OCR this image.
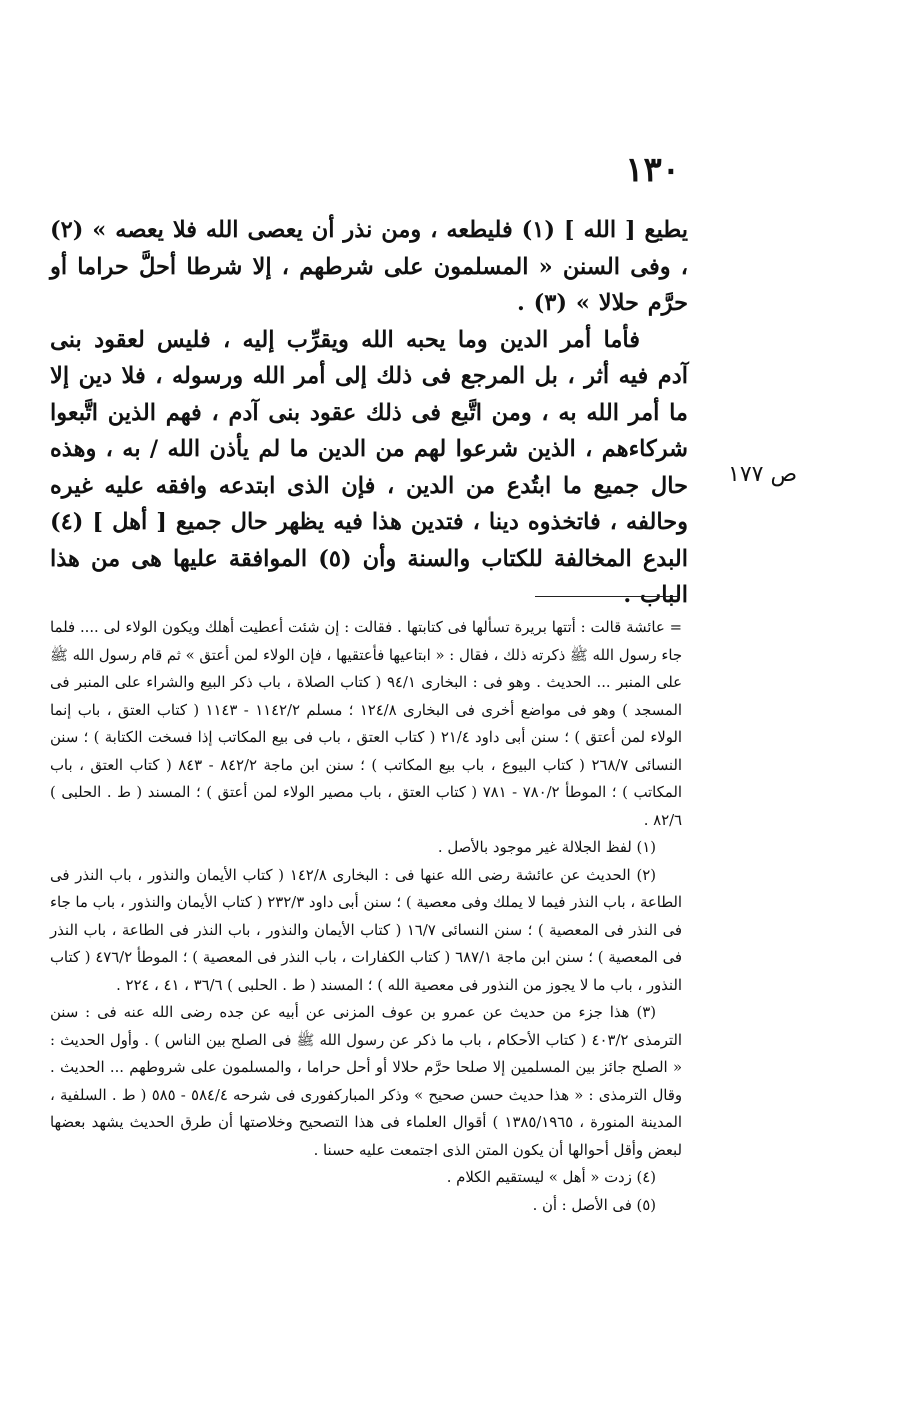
١٣٠

يطيع [ الله ] (١) فليطعه ، ومن نذر أن يعصى الله فلا يعصه » (٢) ، وفى السنن « المسلمون على شرطهم ، إلا شرطا أحلَّ حراما أو حرَّم حلالا » (٣) .

فأما أمر الدين وما يحبه الله ويقرِّب إليه ، فليس لعقود بنى آدم فيه أثر ، بل المرجع فى ذلك إلى أمر الله ورسوله ، فلا دين إلا ما أمر الله به ، ومن اتَّبع فى ذلك عقود بنى آدم ، فهم الذين اتَّبعوا شركاءهم ، الذين شرعوا لهم من الدين ما لم يأذن الله / به ، وهذه حال جميع ما ابتُدع من الدين ، فإن الذى ابتدعه وافقه عليه غيره وحالفه ، فاتخذوه دينا ، فتدين هذا فيه يظهر حال جميع [ أهل ] (٤) البدع المخالفة للكتاب والسنة وأن (٥) الموافقة عليها هى من هذا الباب .

ص ١٧٧

= عائشة قالت : أتتها بريرة تسألها فى كتابتها . فقالت : إن شئت أعطيت أهلك ويكون الولاء لى .... فلما جاء رسول الله ﷺ ذكرته ذلك ، فقال : « ابتاعيها فأعتقيها ، فإن الولاء لمن أعتق » ثم قام رسول الله ﷺ على المنبر ... الحديث . وهو فى : البخارى ٩٤/١ ( كتاب الصلاة ، باب ذكر البيع والشراء على المنبر فى المسجد ) وهو فى مواضع أخرى فى البخارى ١٢٤/٨ ؛ مسلم ١١٤٢/٢ - ١١٤٣ ( كتاب العتق ، باب إنما الولاء لمن أعتق ) ؛ سنن أبى داود ٢١/٤ ( كتاب العتق ، باب فى بيع المكاتب إذا فسخت الكتابة ) ؛ سنن النسائى ٢٦٨/٧ ( كتاب البيوع ، باب بيع المكاتب ) ؛ سنن ابن ماجة ٨٤٢/٢ - ٨٤٣ ( كتاب العتق ، باب المكاتب ) ؛ الموطأ ٧٨٠/٢ - ٧٨١ ( كتاب العتق ، باب مصير الولاء لمن أعتق ) ؛ المسند ( ط . الحلبى ) ٨٢/٦ .

(١) لفظ الجلالة غير موجود بالأصل .

(٢) الحديث عن عائشة رضى الله عنها فى : البخارى ١٤٢/٨ ( كتاب الأيمان والنذور ، باب النذر فى الطاعة ، باب النذر فيما لا يملك وفى معصية ) ؛ سنن أبى داود ٢٣٢/٣ ( كتاب الأيمان والنذور ، باب ما جاء فى النذر فى المعصية ) ؛ سنن النسائى ١٦/٧ ( كتاب الأيمان والنذور ، باب النذر فى الطاعة ، باب النذر فى المعصية ) ؛ سنن ابن ماجة ٦٨٧/١ ( كتاب الكفارات ، باب النذر فى المعصية ) ؛ الموطأ ٤٧٦/٢ ( كتاب النذور ، باب ما لا يجوز من النذور فى معصية الله ) ؛ المسند ( ط . الحلبى ) ٣٦/٦ ، ٤١ ، ٢٢٤ .

(٣) هذا جزء من حديث عن عمرو بن عوف المزنى عن أبيه عن جده رضى الله عنه فى : سنن الترمذى ٤٠٣/٢ ( كتاب الأحكام ، باب ما ذكر عن رسول الله ﷺ فى الصلح بين الناس ) . وأول الحديث : « الصلح جائز بين المسلمين إلا صلحا حرَّم حلالا أو أحل حراما ، والمسلمون على شروطهم ... الحديث . وقال الترمذى : « هذا حديث حسن صحيح » وذكر المباركفورى فى شرحه ٥٨٤/٤ - ٥٨٥ ( ط . السلفية ، المدينة المنورة ، ١٣٨٥/١٩٦٥ ) أقوال العلماء فى هذا التصحيح وخلاصتها أن طرق الحديث يشهد بعضها لبعض وأقل أحوالها أن يكون المتن الذى اجتمعت عليه حسنا .

(٤) زدت « أهل » ليستقيم الكلام .

(٥) فى الأصل : أن .
